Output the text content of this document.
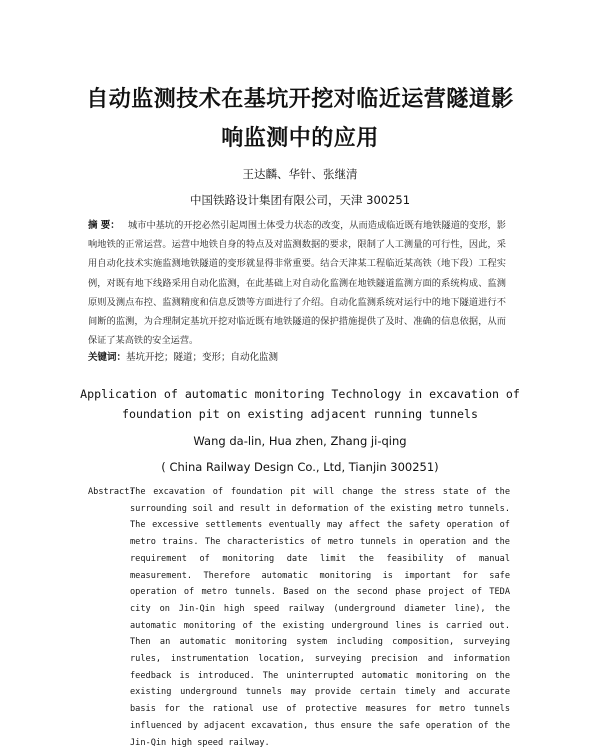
自动监测技术在基坑开挖对临近运营隧道影
响监测中的应用
王达麟、华针、张继清
中国铁路设计集团有限公司，天津 300251
摘 要： 城市中基坑的开挖必然引起周围土体受力状态的改变，从而造成临近既有地铁隧道的变形，影响地铁的正常运营。运营中地铁自身的特点及对监测数据的要求，限制了人工测量的可行性，因此，采用自动化技术实施监测地铁隧道的变形就显得非常重要。结合天津某工程临近某高铁（地下段）工程实例，对既有地下线路采用自动化监测，在此基础上对自动化监测在地铁隧道监测方面的系统构成、监测原则及测点布控、监测精度和信息反馈等方面进行了介绍。自动化监测系统对运行中的地下隧道进行不间断的监测，为合理制定基坑开挖对临近既有地铁隧道的保护措施提供了及时、准确的信息依据，从而保证了某高铁的安全运营。
关键词：基坑开挖；隧道；变形；自动化监测
Application of automatic monitoring Technology in excavation of foundation pit on existing adjacent running tunnels
Wang da-lin, Hua zhen, Zhang ji-qing
( China Railway Design Co., Ltd, Tianjin 300251)
Abstract:
The excavation of foundation pit will change the stress state of the surrounding soil and result in deformation of the existing metro tunnels. The excessive settlements eventually may affect the safety operation of metro trains. The characteristics of metro tunnels in operation and the requirement of monitoring date limit the feasibility of manual measurement. Therefore automatic monitoring is important for safe operation of metro tunnels. Based on the second phase project of TEDA city on Jin-Qin high speed railway (underground diameter line), the automatic monitoring of the existing underground lines is carried out. Then an automatic monitoring system including composition, surveying rules, instrumentation location, surveying precision and information feedback is introduced. The uninterrupted automatic monitoring on the existing underground tunnels may provide certain timely and accurate basis for the rational use of protective measures for metro tunnels influenced by adjacent excavation, thus ensure the safe operation of the Jin-Qin high speed railway.
